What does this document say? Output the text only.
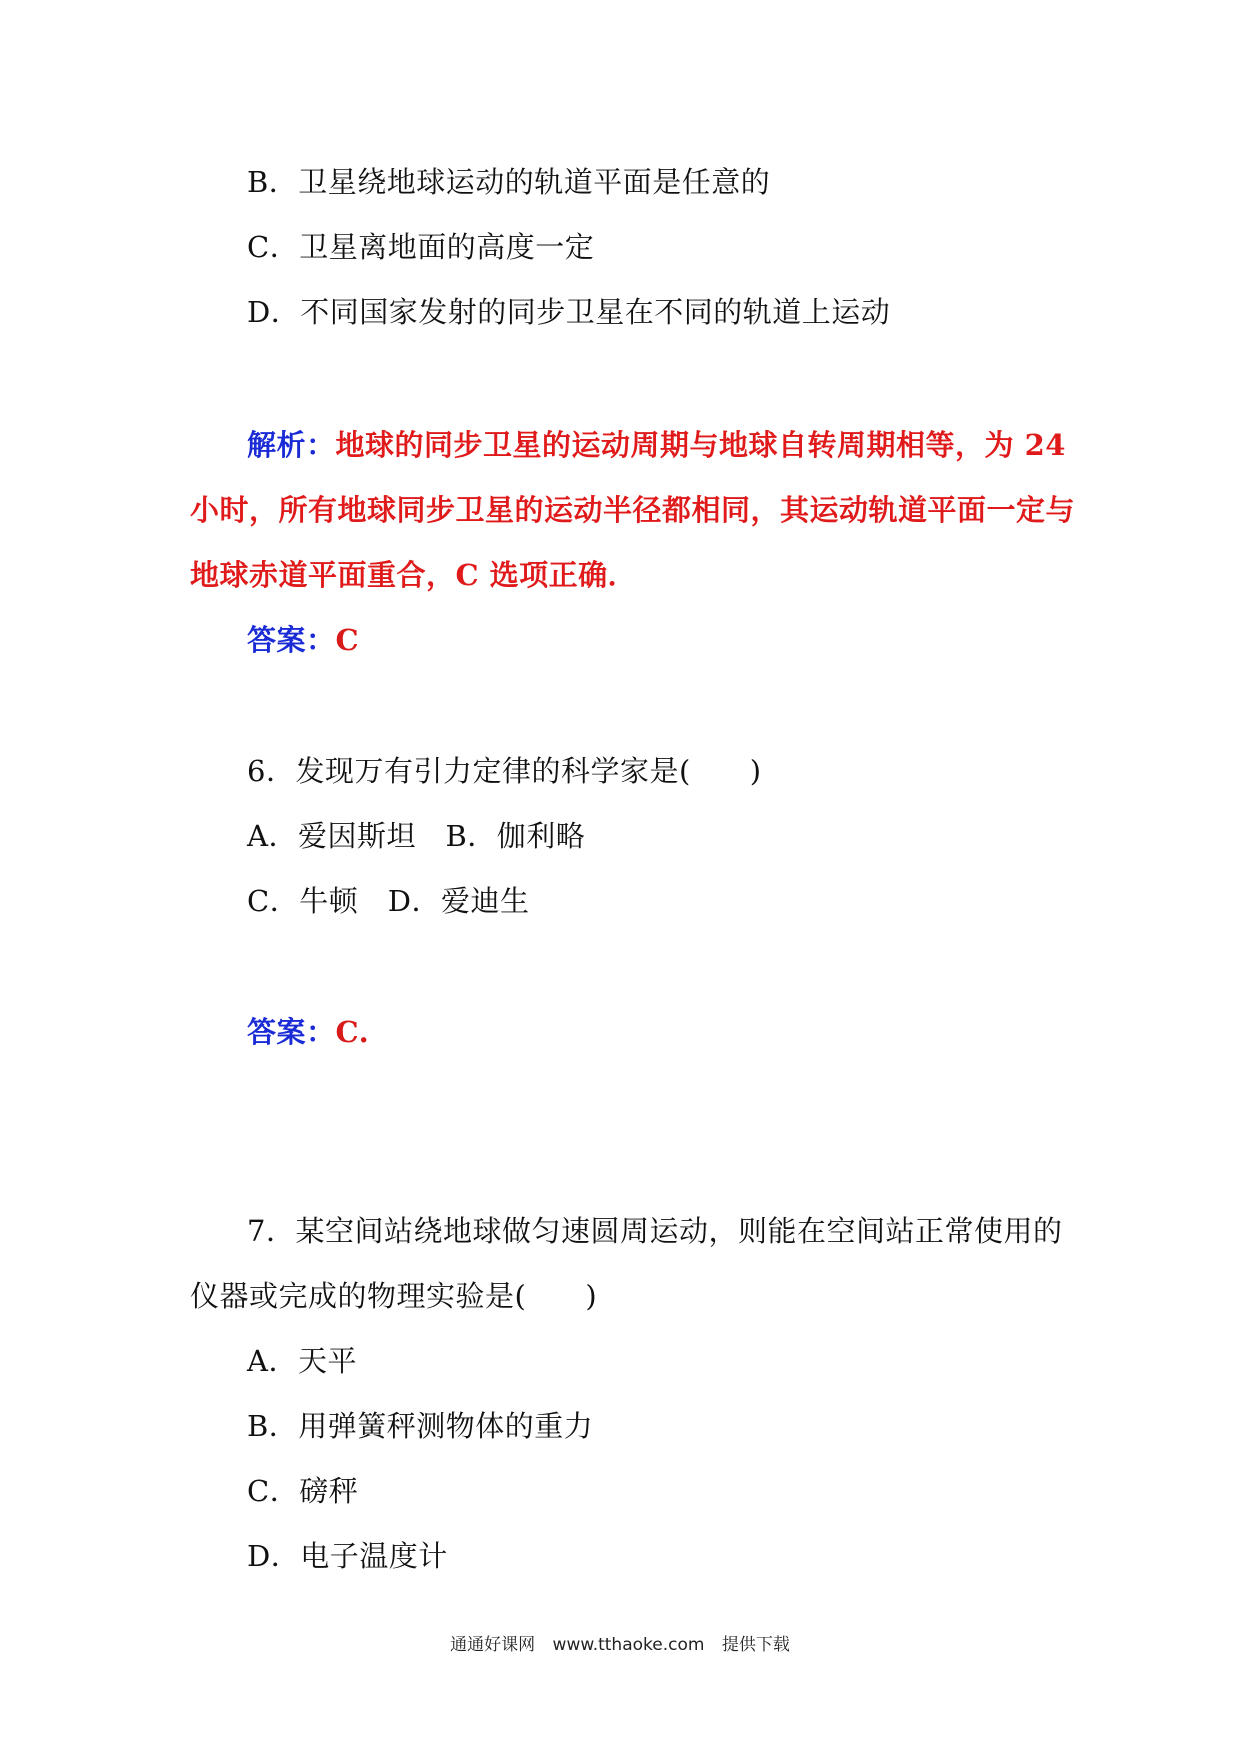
B．卫星绕地球运动的轨道平面是任意的
C．卫星离地面的高度一定
D．不同国家发射的同步卫星在不同的轨道上运动
解析：地球的同步卫星的运动周期与地球自转周期相等，为 24
小时，所有地球同步卫星的运动半径都相同，其运动轨道平面一定与
地球赤道平面重合，C 选项正确．
答案：C
6．发现万有引力定律的科学家是(　　)
A．爱因斯坦　B．伽利略
C．牛顿　D．爱迪生
答案：C.
7．某空间站绕地球做匀速圆周运动，则能在空间站正常使用的
仪器或完成的物理实验是(　　)
A．天平
B．用弹簧秤测物体的重力
C．磅秤
D．电子温度计
通通好课网 www.tthaoke.com 提供下载
